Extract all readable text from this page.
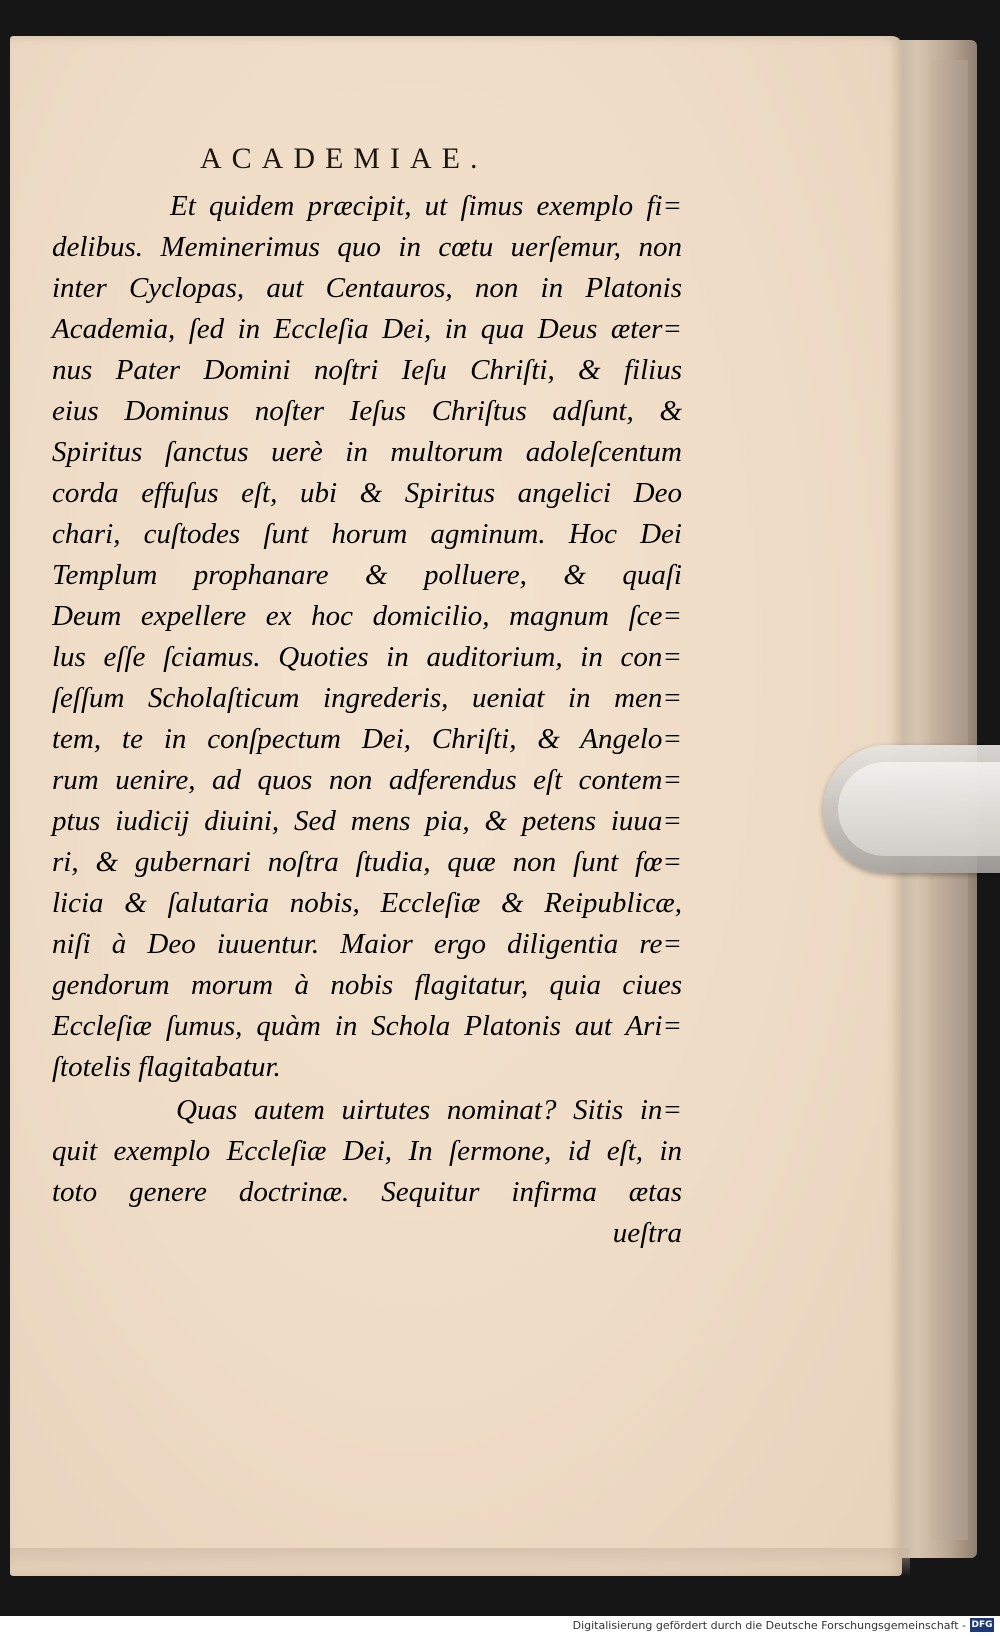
ACADEMIAE.
Et quidem præcipit, ut ſimus exemplo fi=
delibus. Meminerimus quo in cœtu uerſemur, non
inter Cyclopas, aut Centauros, non in Platonis
Academia, ſed in Eccleſia Dei, in qua Deus æter=
nus Pater Domini noſtri Ieſu Chriſti, & filius
eius Dominus noſter Ieſus Chriſtus adſunt, &
Spiritus ſanctus uerè in multorum adoleſcentum
corda effuſus eſt, ubi & Spiritus angelici Deo
chari, cuſtodes ſunt horum agminum. Hoc Dei
Templum prophanare & polluere, & quaſi
Deum expellere ex hoc domicilio, magnum ſce=
lus eſſe ſciamus. Quoties in auditorium, in con=
ſeſſum Scholaſticum ingrederis, ueniat in men=
tem, te in conſpectum Dei, Chriſti, & Angelo=
rum uenire, ad quos non adferendus eſt contem=
ptus iudicij diuini, Sed mens pia, & petens iuua=
ri, & gubernari noſtra ſtudia, quæ non ſunt fœ=
licia & ſalutaria nobis, Eccleſiæ & Reipublicæ,
niſi à Deo iuuentur. Maior ergo diligentia re=
gendorum morum à nobis flagitatur, quia ciues
Eccleſiæ ſumus, quàm in Schola Platonis aut Ari=
ſtotelis flagitabatur.
Quas autem uirtutes nominat? Sitis in=
quit exemplo Eccleſiæ Dei, In ſermone, id eſt, in
toto genere doctrinæ. Sequitur infirma ætas
ueſtra
Digitalisierung gefördert durch die Deutsche Forschungsgemeinschaft - DFG
